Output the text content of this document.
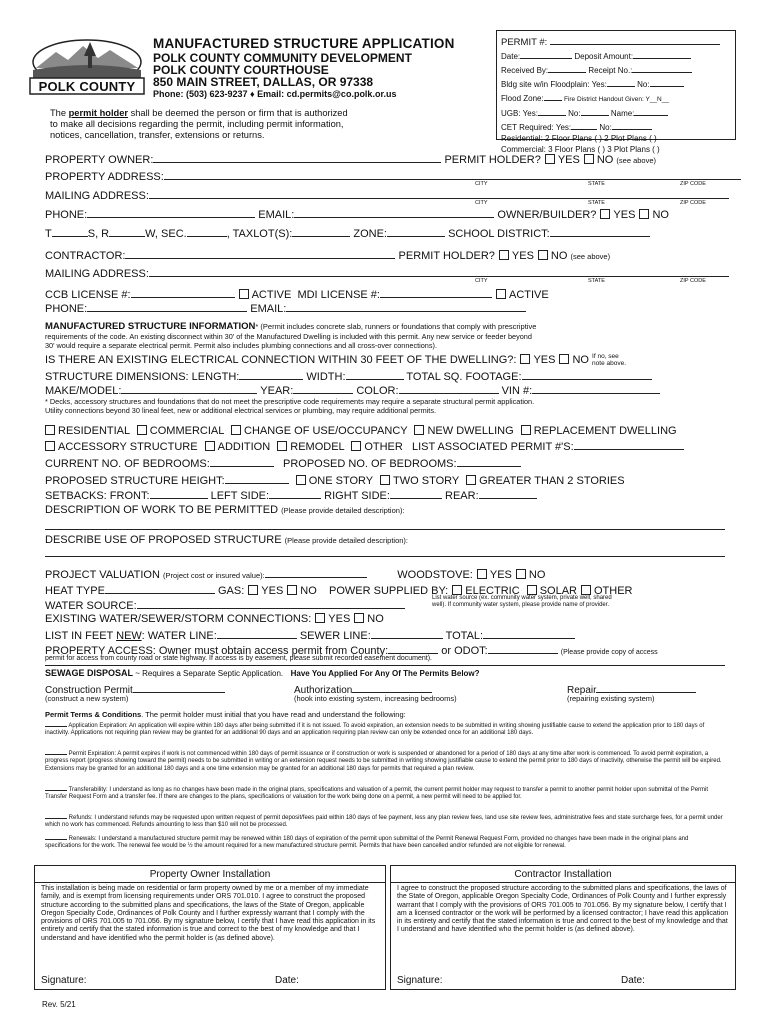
POLK COUNTY
MANUFACTURED STRUCTURE APPLICATION
POLK COUNTY COMMUNITY DEVELOPMENT
POLK COUNTY COURTHOUSE
850 MAIN STREET, DALLAS, OR 97338
Phone: (503) 623-9237 ♦ Email: cd.permits@co.polk.or.us
The permit holder shall be deemed the person or firm that is authorized
to make all decisions regarding the permit, including permit information,
notices, cancellation, transfer, extensions or returns.
PERMIT #:
Date:	Deposit Amount:
Received By:	Receipt No.:
Bldg site w/in Floodplain: Yes:	No:
Flood Zone:	Fire District Handout Given: Y__N__
UGB: Yes:	No:	Name:
CET Required: Yes:	No:
Residential: 2 Floor Plans ( ) 2 Plot Plans ( )
Commercial: 3 Floor Plans ( ) 3 Plot Plans ( )
PROPERTY OWNER:	PERMIT HOLDER? YES NO (see above)
PROPERTY ADDRESS:
CITY	STATE	ZIP CODE
MAILING ADDRESS:
CITY	STATE	ZIP CODE
PHONE:	EMAIL:	OWNER/BUILDER? YES NO
T	S, R	W, SEC.	, TAXLOT(S):	ZONE:	SCHOOL DISTRICT:
CONTRACTOR:	PERMIT HOLDER? YES NO (see above)
MAILING ADDRESS:
CITY	STATE	ZIP CODE
CCB LICENSE #:	ACTIVE MDI LICENSE #:	ACTIVE
PHONE:	EMAIL:
MANUFACTURED STRUCTURE INFORMATION* (Permit includes concrete slab, runners or foundations that comply with prescriptive
requirements of the code. An existing disconnect within 30' of the Manufactured Dwelling is included with this permit. Any new service or feeder beyond
30' would require a separate electrical permit. Permit also includes plumbing connections and all cross-over connections).
IS THERE AN EXISTING ELECTRICAL CONNECTION WITHIN 30 FEET OF THE DWELLING?: YES NO If no, see
note above.
STRUCTURE DIMENSIONS: LENGTH:	WIDTH:	TOTAL SQ. FOOTAGE:
MAKE/MODEL:	YEAR:	COLOR:	VIN #:
* Decks, accessory structures and foundations that do not meet the prescriptive code requirements may require a separate structural permit application.
Utility connections beyond 30 lineal feet, new or additional electrical services or plumbing, may require additional permits.
RESIDENTIAL COMMERCIAL CHANGE OF USE/OCCUPANCY NEW DWELLING REPLACEMENT DWELLING
ACCESSORY STRUCTURE ADDITION REMODEL OTHER LIST ASSOCIATED PERMIT #'S:
CURRENT NO. OF BEDROOMS:	PROPOSED NO. OF BEDROOMS:
PROPOSED STRUCTURE HEIGHT:	ONE STORY TWO STORY GREATER THAN 2 STORIES
SETBACKS: FRONT:	LEFT SIDE:	RIGHT SIDE:	REAR:
DESCRIPTION OF WORK TO BE PERMITTED (Please provide detailed description):
DESCRIBE USE OF PROPOSED STRUCTURE (Please provide detailed description):
PROJECT VALUATION (Project cost or insured value):	WOODSTOVE: YES NO
HEAT TYPE	GAS: YES NO POWER SUPPLIED BY: ELECTRIC SOLAR OTHER
List water source (ex. community water system, private well, shared
well). If community water system, please provide name of provider.
WATER SOURCE:
EXISTING WATER/SEWER/STORM CONNECTIONS: YES NO
LIST IN FEET NEW: WATER LINE:	SEWER LINE:	TOTAL:
PROPERTY ACCESS: Owner must obtain access permit from County:	or ODOT:	(Please provide copy of access
permit for access from county road or state highway. If access is by easement, please submit recorded easement document).
SEWAGE DISPOSAL ~ Requires a Separate Septic Application. Have You Applied For Any Of The Permits Below?
Construction Permit
(construct a new system)
Authorization
(hook into existing system, increasing bedrooms)
Repair
(repairing existing system)
Permit Terms & Conditions. The permit holder must initial that you have read and understand the following:
Application Expiration: An application will expire within 180 days after being submitted if it is not issued. To avoid expiration, an extension needs to be submitted in writing showing justifiable cause to extend the application prior to 180 days of inactivity. Applications not requiring plan review may be granted for an additional 90 days and an application requiring plan review can only be extended once for an additional 180 days.
Permit Expiration: A permit expires if work is not commenced within 180 days of permit issuance or if construction or work is suspended or abandoned for a period of 180 days at any time after work is commenced. To avoid permit expiration, a progress report (progress showing toward the permit) needs to be submitted in writing or an extension request needs to be submitted in writing showing justifiable cause to extend the permit prior to 180 days of inactivity, otherwise the permit will be expired. Extensions may be granted for an additional 180 days and a one time extension may be granted for an additional 180 days for permits that required a plan review.
Transferability: I understand as long as no changes have been made in the original plans, specifications and valuation of a permit, the current permit holder may request to transfer a permit to another permit holder upon submittal of the Permit Transfer Request Form and a transfer fee. If there are changes to the plans, specifications or valuation for the work being done on a permit, a new permit will need to be applied for.
Refunds: I understand refunds may be requested upon written request of permit deposit/fees paid within 180 days of fee payment, less any plan review fees, land use site review fees, administrative fees and state surcharge fees, for a permit under which no work has commenced. Refunds amounting to less than $10 will not be processed.
Renewals: I understand a manufactured structure permit may be renewed within 180 days of expiration of the permit upon submittal of the Permit Renewal Request Form, provided no changes have been made in the original plans and specifications for the work. The renewal fee would be ½ the amount required for a new manufactured structure permit. Permits that have been cancelled and/or refunded are not eligible for renewal.
Property Owner Installation
This installation is being made on residential or farm property owned by me or a member of my immediate family, and is exempt from licensing requirements under ORS 701.010. I agree to construct the proposed structure according to the submitted plans and specifications, the laws of the State of Oregon, applicable Oregon Specialty Code, Ordinances of Polk County and I further expressly warrant that I comply with the provisions of ORS 701.005 to 701.056. By my signature below, I certify that I have read this application in its entirety and certify that the stated information is true and correct to the best of my knowledge and that I understand and have identified who the permit holder is (as defined above).
Signature:	Date:
Contractor Installation
I agree to construct the proposed structure according to the submitted plans and specifications, the laws of the State of Oregon, applicable Oregon Specialty Code, Ordinances of Polk County and I further expressly warrant that I comply with the provisions of ORS 701.005 to 701.056. By my signature below, I certify that I am a licensed contractor or the work will be performed by a licensed contractor; I have read this application in its entirety and certify that the stated information is true and correct to the best of my knowledge and that I understand and have identified who the permit holder is (as defined above).
Signature:	Date:
Rev. 5/21
